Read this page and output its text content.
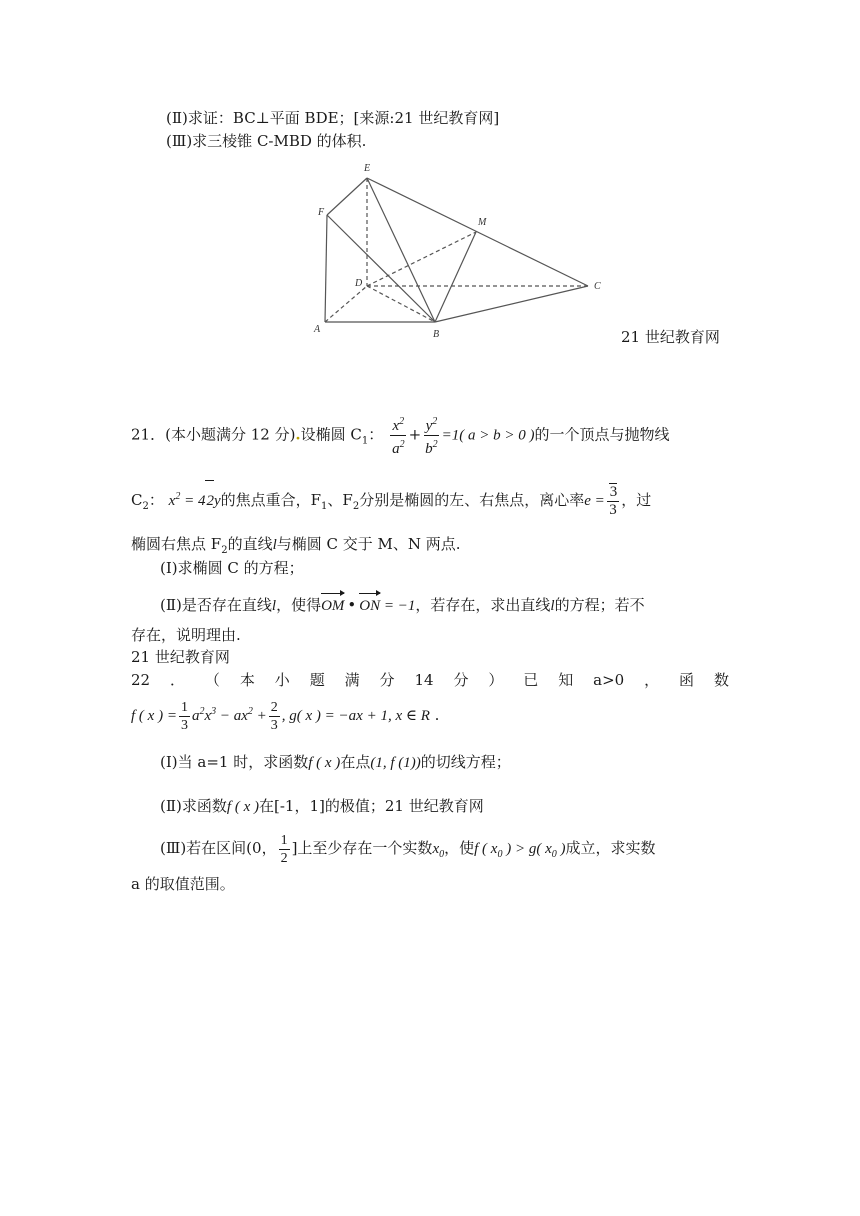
(Ⅱ)求证：BC⊥平面 BDE；[来源:21 世纪教育网]
(Ⅲ)求三棱锥 C-MBD 的体积.
E
F
M
D	C
A	B	21 世纪教育网
21．(本小题满分 12 分).设椭圆 $C_1$： $\frac{x^2}{a^2} + \frac{y^2}{b^2} =1$( a > b > 0 )的一个顶点与抛物线
$C_2$： $x^2 = 42y$的焦点重合，$F_1$、$F_2$分别是椭圆的左、右焦点，离心率$e = \frac{3}{3}$ ，过
椭圆右焦点 $F_2$的直线l与椭圆 C 交于 M、N 两点.
(I)求椭圆 C 的方程；
(Ⅱ)是否存在直线l，使得OM • ON = −1，若存在，求出直线l的方程；若不
存在，说明理由.
21 世纪教育网
22 ． （ 本 小 题 满 分 14 分 ） 已 知 a>0 ， 函 数
f ( x ) = $\frac{1}{3} a^2x^3 - ax^2 + \frac{2}{3}$ , g( x ) = −ax + 1, x ∈ R .
(I)当 a=1 时，求函数f ( x )在点(1, f (1))的切线方程；
(Ⅱ)求函数f ( x )在[-1，1]的极值；21 世纪教育网
(Ⅲ)若在区间(0， $\frac{1}{2}$ ]上至少存在一个实数$x_0$，使f ( $x_0$ ) > g( $x_0$ )成立，求实数
a 的取值范围。
